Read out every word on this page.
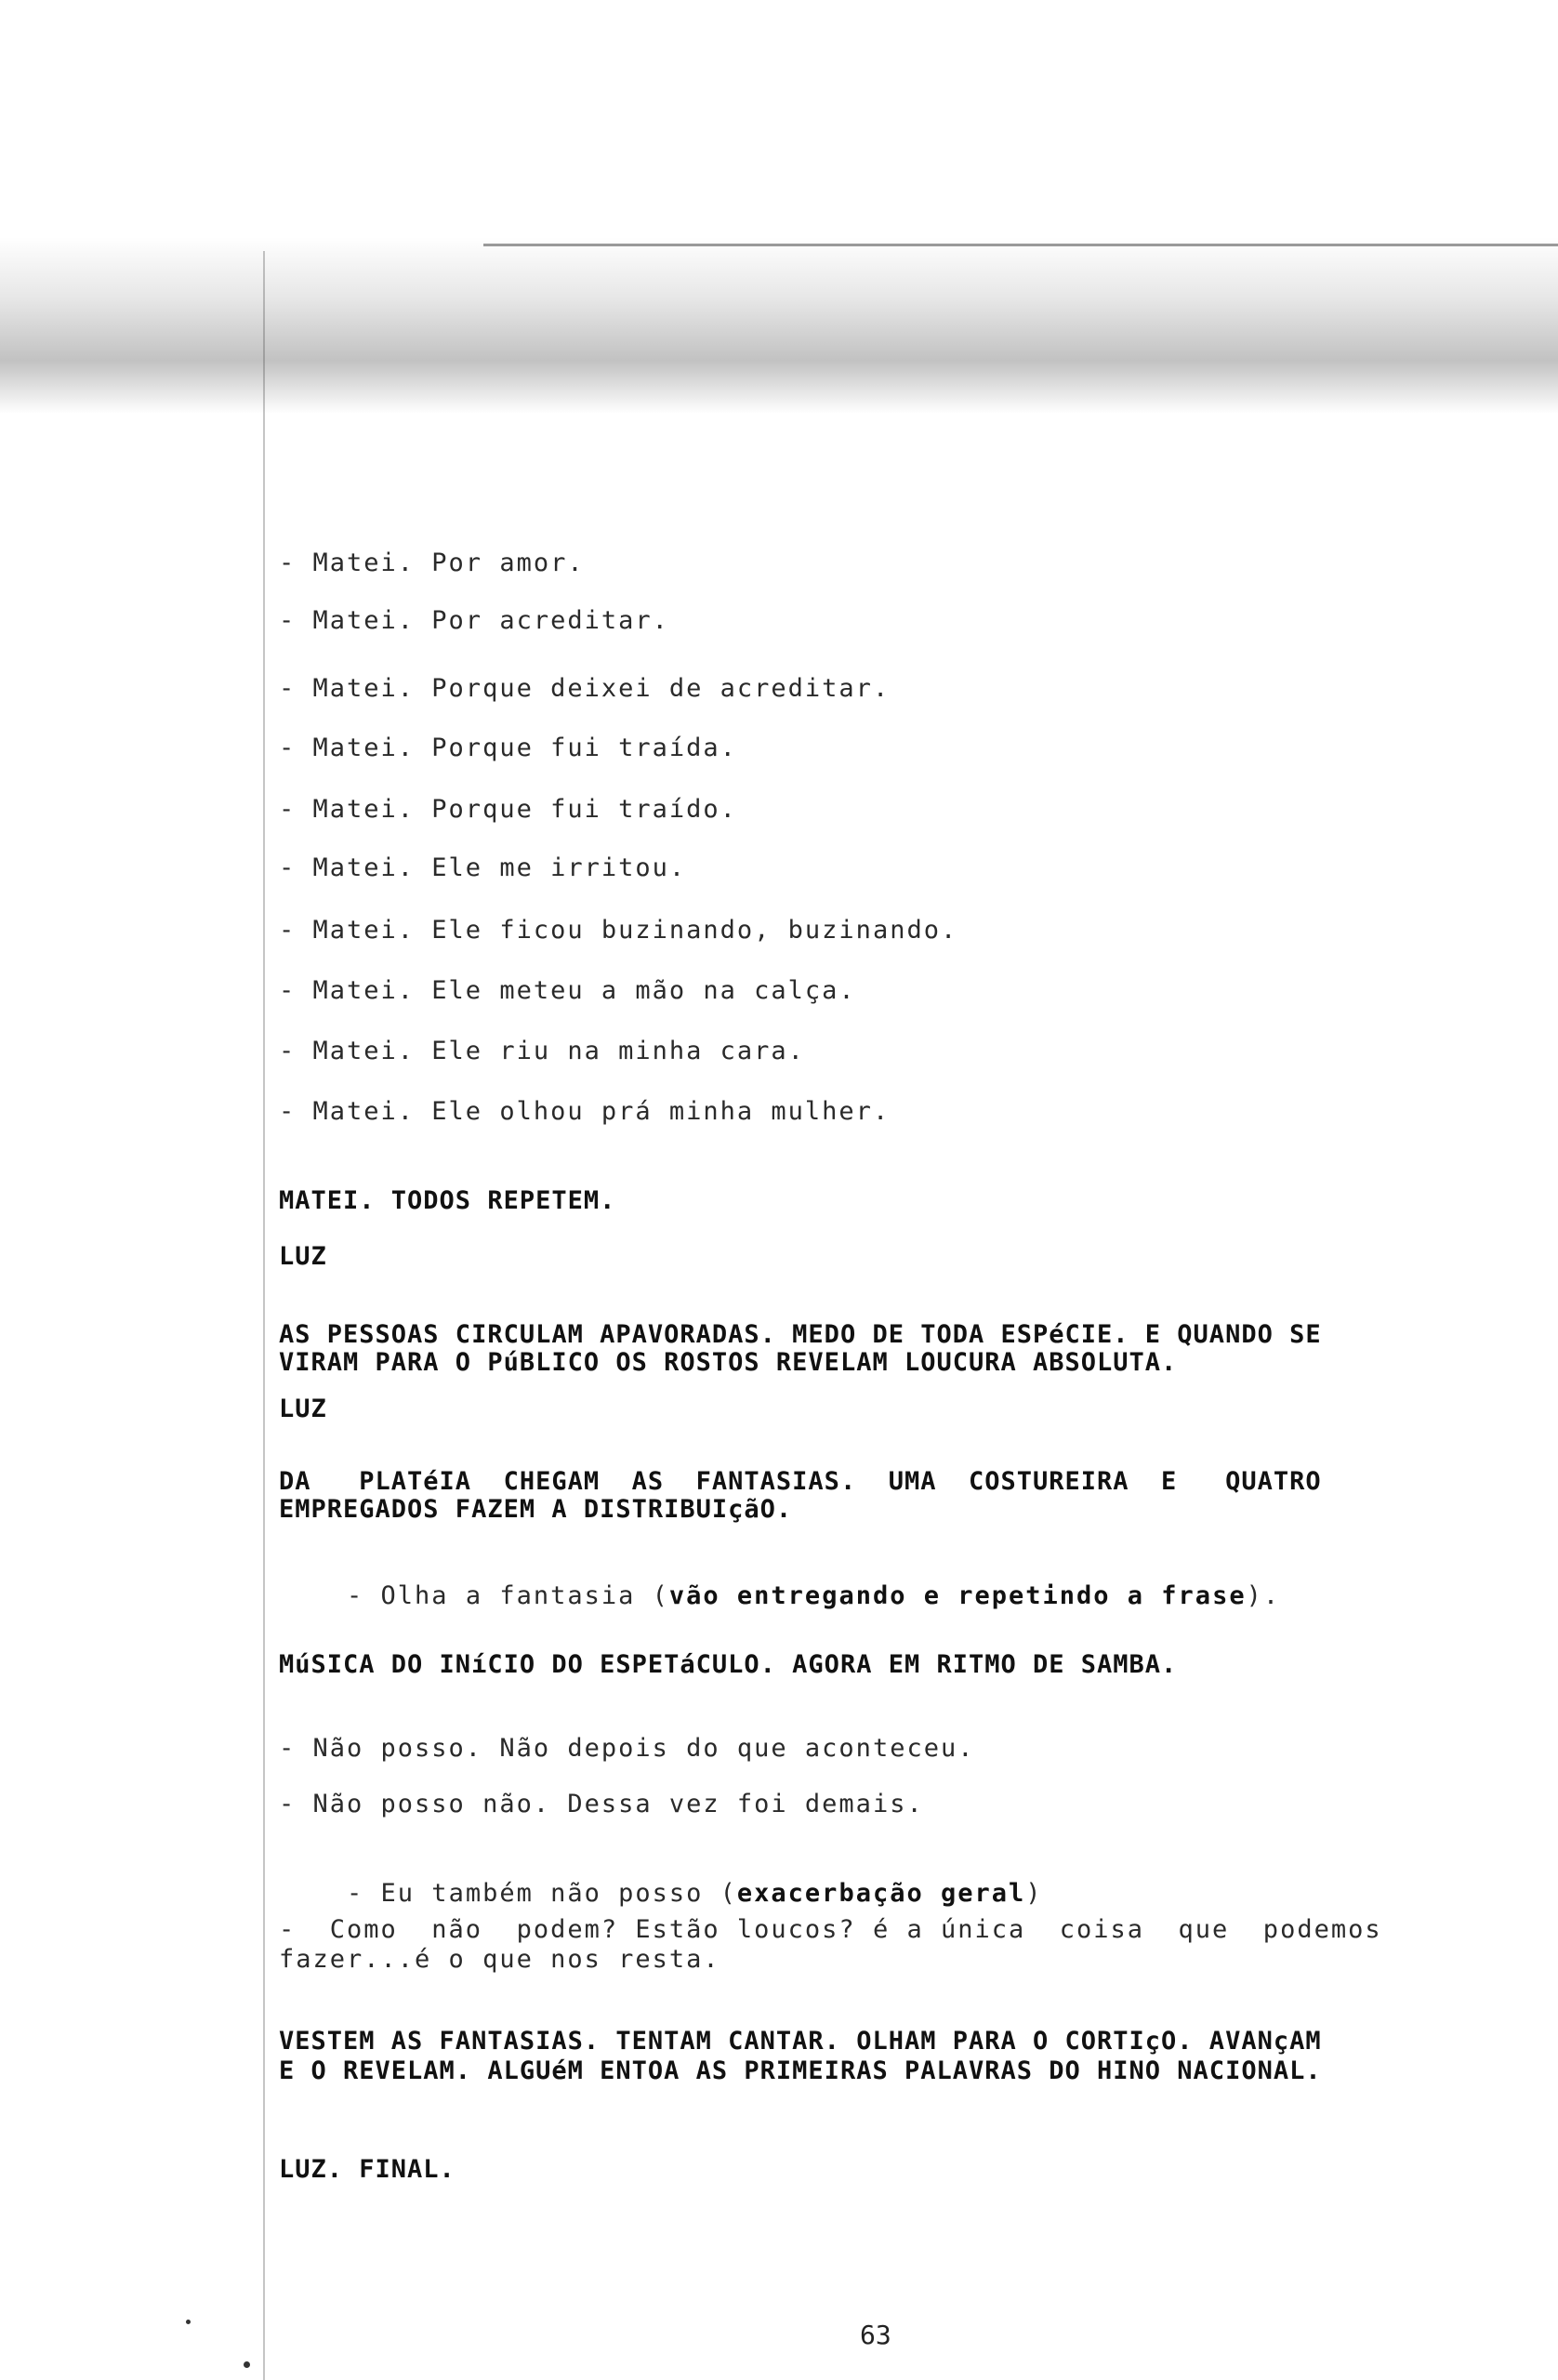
- Matei. Por amor.
- Matei. Por acreditar.
- Matei. Porque deixei de acreditar.
- Matei. Porque fui traída.
- Matei. Porque fui traído.
- Matei. Ele me irritou.
- Matei. Ele ficou buzinando, buzinando.
- Matei. Ele meteu a mão na calça.
- Matei. Ele riu na minha cara.
- Matei. Ele olhou prá minha mulher.
MATEI. TODOS REPETEM.
LUZ
AS PESSOAS CIRCULAM APAVORADAS. MEDO DE TODA ESPéCIE. E QUANDO SE
VIRAM PARA O PúBLICO OS ROSTOS REVELAM LOUCURA ABSOLUTA.
LUZ
DA   PLATéIA  CHEGAM  AS  FANTASIAS.  UMA  COSTUREIRA  E   QUATRO
EMPREGADOS FAZEM A DISTRIBUIçãO.

- Olha a fantasia (vão entregando e repetindo a frase).

MúSICA DO INíCIO DO ESPETáCULO. AGORA EM RITMO DE SAMBA.
- Não posso. Não depois do que aconteceu.
- Não posso não. Dessa vez foi demais.

- Eu também não posso (exacerbação geral)

-  Como  não  podem? Estão loucos? é a única  coisa  que  podemos
fazer...é o que nos resta.
VESTEM AS FANTASIAS. TENTAM CANTAR. OLHAM PARA O CORTIçO. AVANçAM
E O REVELAM. ALGUéM ENTOA AS PRIMEIRAS PALAVRAS DO HINO NACIONAL.
LUZ. FINAL.
63
